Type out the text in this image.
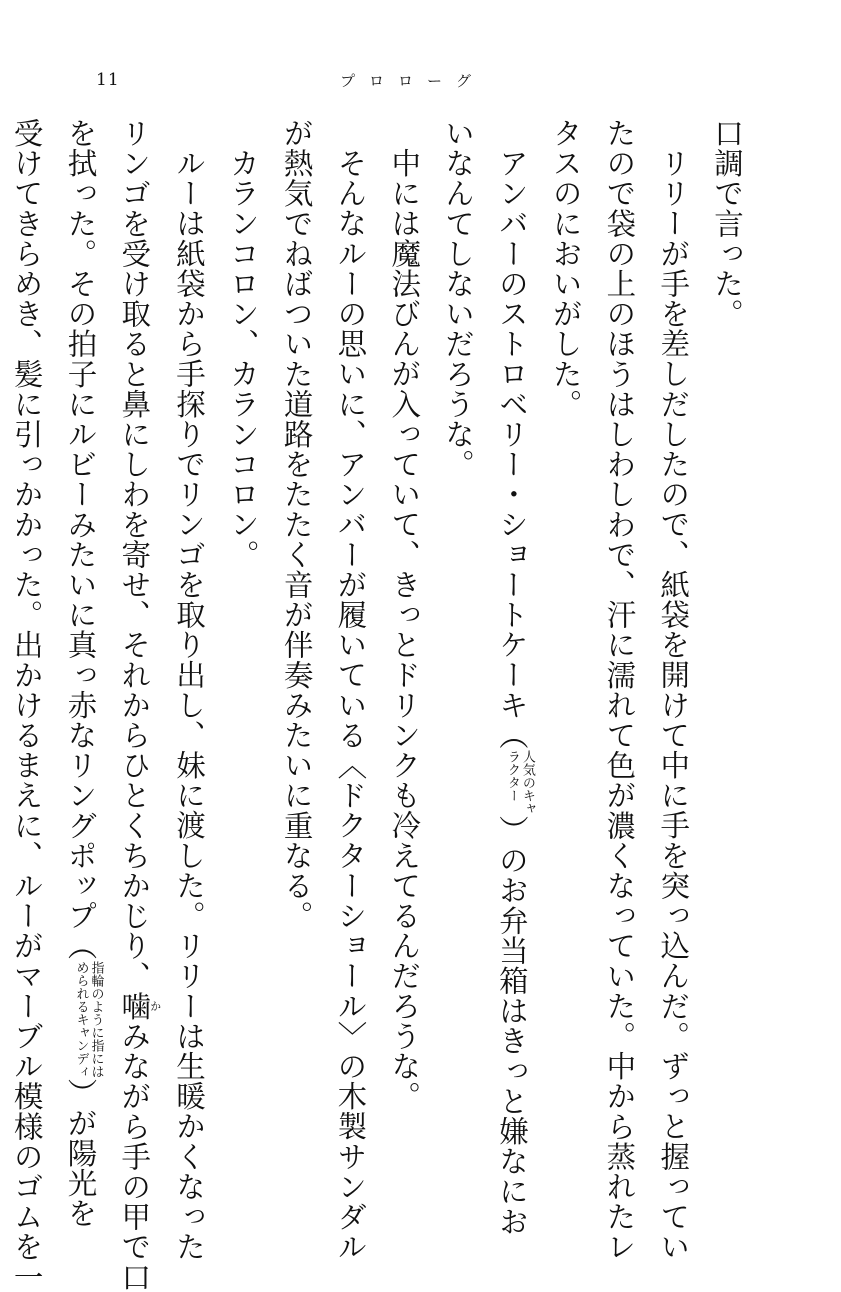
11	プロローグ
口調で言った。
リリーが手を差しだしたので、紙袋を開けて中に手を突っ込んだ。ずっと握ってい
たので袋の上のほうはしわしわで、汗に濡れて色が濃くなっていた。中から蒸れたレ
タスのにおいがした。
アンバーのストロベリー・ショートケーキ（
人気のキャ
ラクター
）のお弁当箱はきっと嫌なにお
いなんてしないだろうな。
中には魔法びんが入っていて、きっとドリンクも冷えてるんだろうな。
そんなルーの思いに、アンバーが履いている〈ドクターショール〉の木製サンダル
が熱気でねばついた道路をたたく音が伴奏みたいに重なる。
カランコロン、カランコロン。
ルーは紙袋から手探りでリンゴを取り出し、妹に渡した。リリーは生暖かくなった
リンゴを受け取ると鼻にしわを寄せ、それからひとくちかじり、噛かみながら手の甲で口
を拭った。その拍子にルビーみたいに真っ赤なリングポップ（
指輪のように指には
められるキャンディ
）が陽光を
受けてきらめき、髪に引っかかった。出かけるまえに、ルーがマーブル模様のゴムを一
